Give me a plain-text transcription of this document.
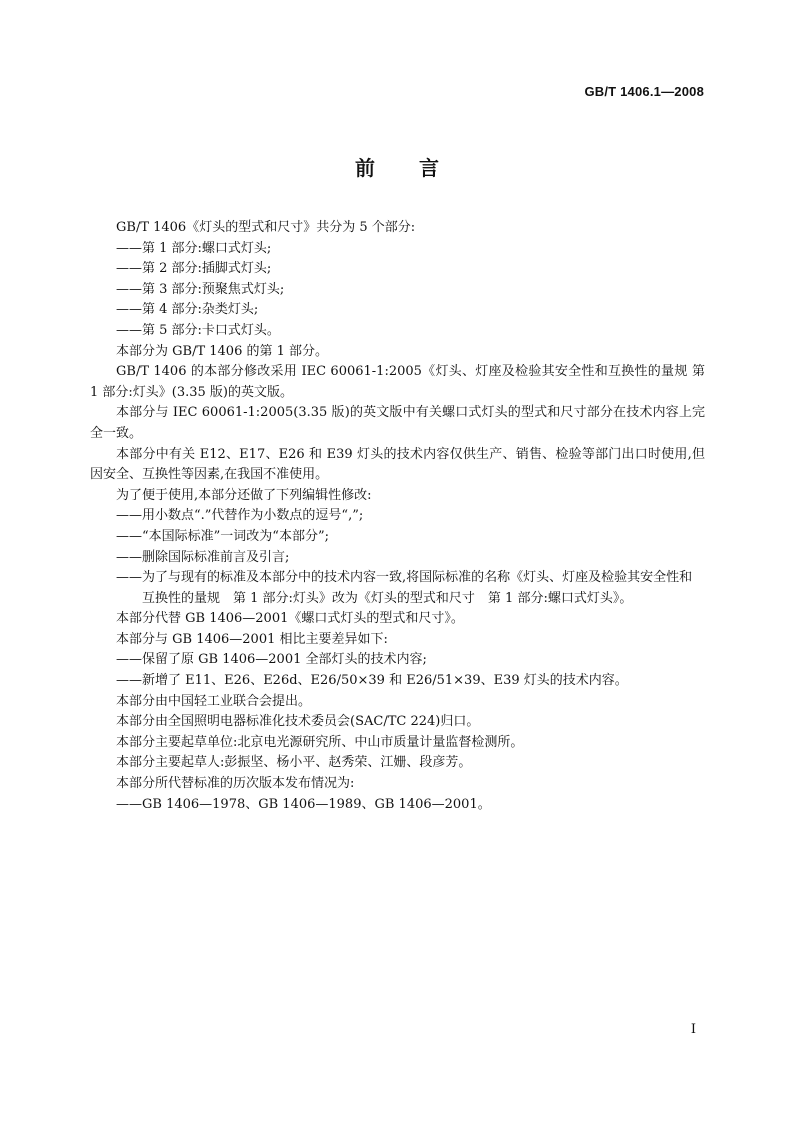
GB/T 1406.1—2008
前言

GB/T 1406《灯头的型式和尺寸》共分为 5 个部分:

——第 1 部分:螺口式灯头;

——第 2 部分:插脚式灯头;

——第 3 部分:预聚焦式灯头;

——第 4 部分:杂类灯头;

——第 5 部分:卡口式灯头。

本部分为 GB/T 1406 的第 1 部分。

GB/T 1406 的本部分修改采用 IEC 60061-1:2005《灯头、灯座及检验其安全性和互换性的量规 第 1 部分:灯头》(3.35 版)的英文版。

本部分与 IEC 60061-1:2005(3.35 版)的英文版中有关螺口式灯头的型式和尺寸部分在技术内容上完全一致。

本部分中有关 E12、E17、E26 和 E39 灯头的技术内容仅供生产、销售、检验等部门出口时使用,但因安全、互换性等因素,在我国不准使用。

为了便于使用,本部分还做了下列编辑性修改:

——用小数点“.”代替作为小数点的逗号“,”;

——“本国际标准”一词改为“本部分”;

——删除国际标准前言及引言;

——为了与现有的标准及本部分中的技术内容一致,将国际标准的名称《灯头、灯座及检验其安全性和互换性的量规　第 1 部分:灯头》改为《灯头的型式和尺寸　第 1 部分:螺口式灯头》。

本部分代替 GB 1406—2001《螺口式灯头的型式和尺寸》。

本部分与 GB 1406—2001 相比主要差异如下:

——保留了原 GB 1406—2001 全部灯头的技术内容;

——新增了 E11、E26、E26d、E26/50×39 和 E26/51×39、E39 灯头的技术内容。

本部分由中国轻工业联合会提出。

本部分由全国照明电器标准化技术委员会(SAC/TC 224)归口。

本部分主要起草单位:北京电光源研究所、中山市质量计量监督检测所。

本部分主要起草人:彭振坚、杨小平、赵秀荣、江姗、段彦芳。

本部分所代替标准的历次版本发布情况为:

——GB 1406—1978、GB 1406—1989、GB 1406—2001。

I
